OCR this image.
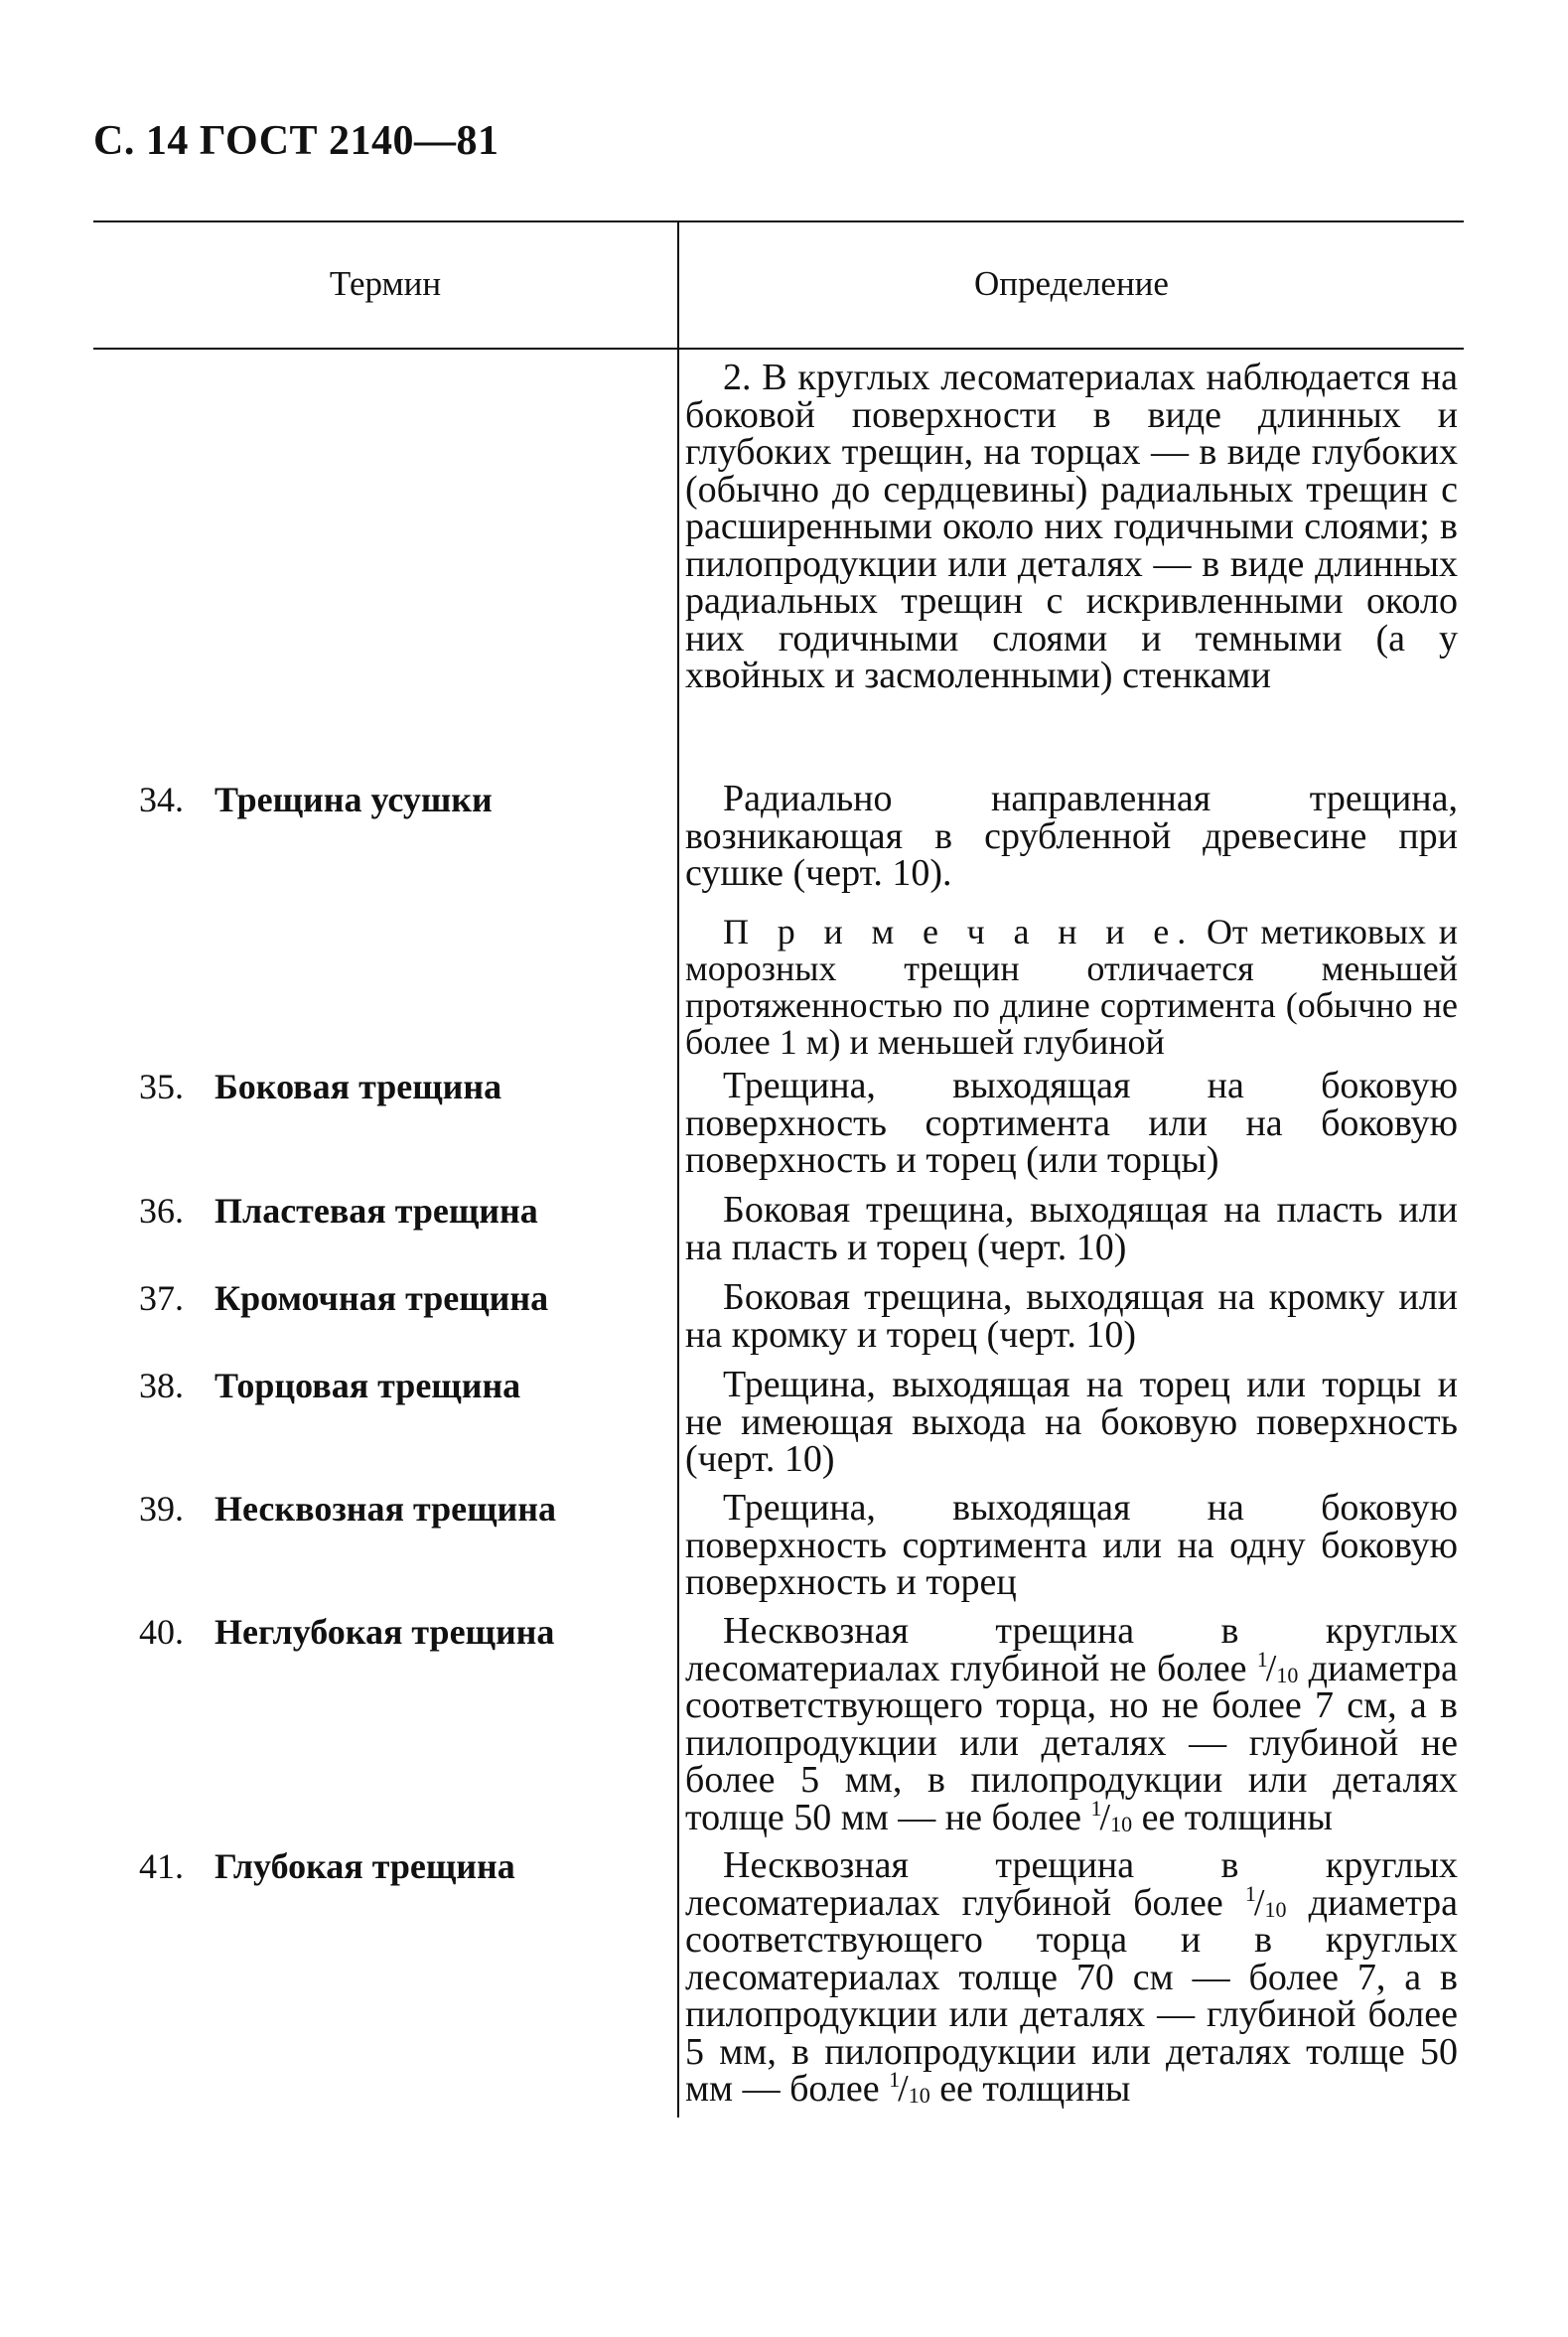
С. 14 ГОСТ 2140—81
Термин	Определение
2. В круглых лесоматериалах наблюдается на боковой поверхности в виде длинных и глубоких трещин, на торцах — в виде глубоких (обычно до сердцевины) радиальных трещин с расширенными около них годичными слоями; в пилопродукции или деталях — в виде длинных радиальных трещин с искривленными около них годичными слоями и темными (а у хвойных и засмоленными) стенками
34. Трещина усушки	Радиально направленная трещина, возникающая в срубленной древесине при сушке (черт. 10).
П р и м е ч а н и е. От метиковых и морозных трещин отличается меньшей протяженностью по длине сортимента (обычно не более 1 м) и меньшей глубиной
35. Боковая трещина	Трещина, выходящая на боковую поверхность сортимента или на боковую поверхность и торец (или торцы)
36. Пластевая трещина	Боковая трещина, выходящая на пласть или на пласть и торец (черт. 10)
37. Кромочная трещина	Боковая трещина, выходящая на кромку или на кромку и торец (черт. 10)
38. Торцовая трещина	Трещина, выходящая на торец или торцы и не имеющая выхода на боковую поверхность (черт. 10)
39. Несквозная трещина	Трещина, выходящая на боковую поверхность сортимента или на одну боковую поверхность и торец
40. Неглубокая трещина	Несквозная трещина в круглых лесоматериалах глубиной не более $^1/_{10}$ диаметра соответствующего торца, но не более 7 см, а в пилопродукции или деталях — глубиной не более 5 мм, в пилопродукции или деталях толще 50 мм — не более $^1/_{10}$ ее толщины
41. Глубокая трещина	Несквозная трещина в круглых лесоматериалах глубиной более $^1/_{10}$ диаметра соответствующего торца и в круглых лесоматериалах толще 70 см — более 7, а в пилопродукции или деталях — глубиной более 5 мм, в пилопродукции или деталях толще 50 мм — более $^1/_{10}$ ее толщины
